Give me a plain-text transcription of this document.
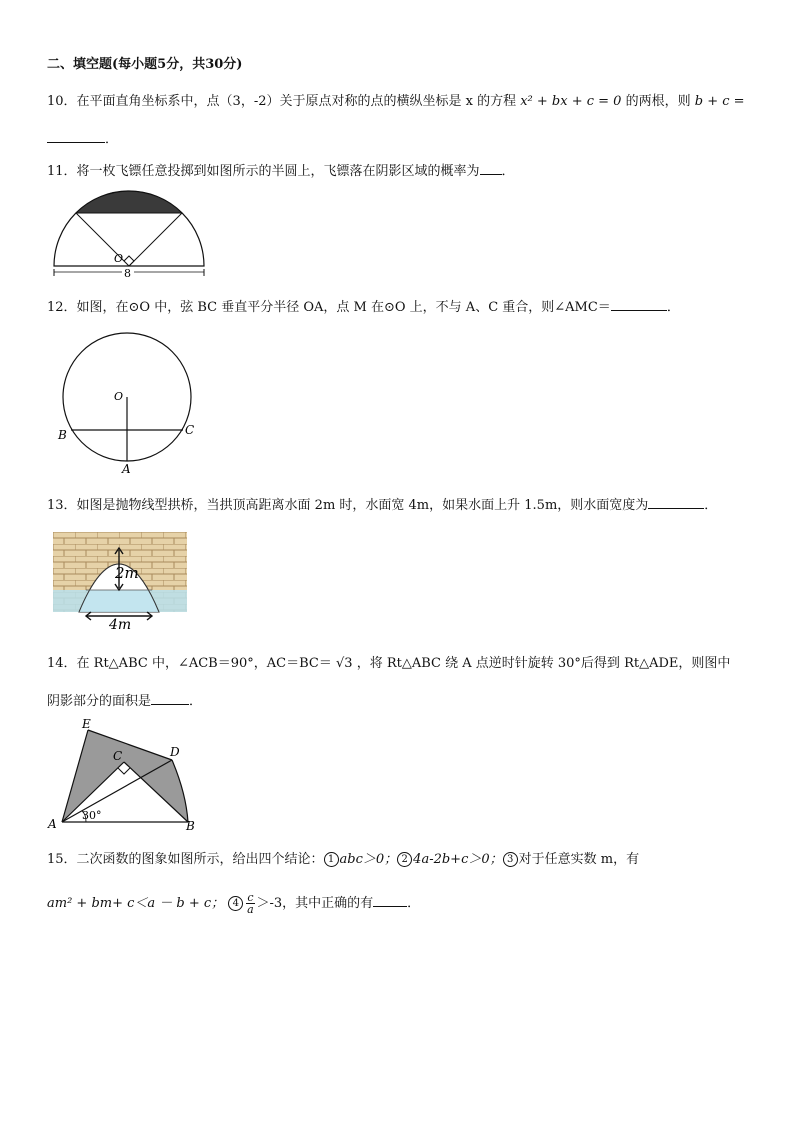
二、填空题(每小题5分，共30分)
10．在平面直角坐标系中，点（3，-2）关于原点对称的点的横纵坐标是 x 的方程 x² + bx + c = 0 的两根，则 b + c =
．
11．将一枚飞镖任意投掷到如图所示的半圆上，飞镖落在阴影区域的概率为 ．
O
8
12．如图，在⊙O 中，弦 BC 垂直平分半径 OA，点 M 在⊙O 上，不与 A、C 重合，则∠AMC＝	．
O
B	C
A
13．如图是抛物线型拱桥，当拱顶高距离水面 2m 时，水面宽 4m，如果水面上升 1.5m，则水面宽度为	．
2m
4m
14．在 Rt△ABC 中，∠ACB＝90°，AC＝BC＝ √3 ，将 Rt△ABC 绕 A 点逆时针旋转 30°后得到 Rt△ADE，则图中
阴影部分的面积是	．
E
C	D
A	B
30°
15．二次函数的图象如图所示，给出四个结论： 1 abc＞0； 2 4a-2b+c＞0； 3 对于任意实数 m，有
am² + bm+ c＜a － b + c； $4 \frac{c}{a} >-3$，其中正确的有	．
